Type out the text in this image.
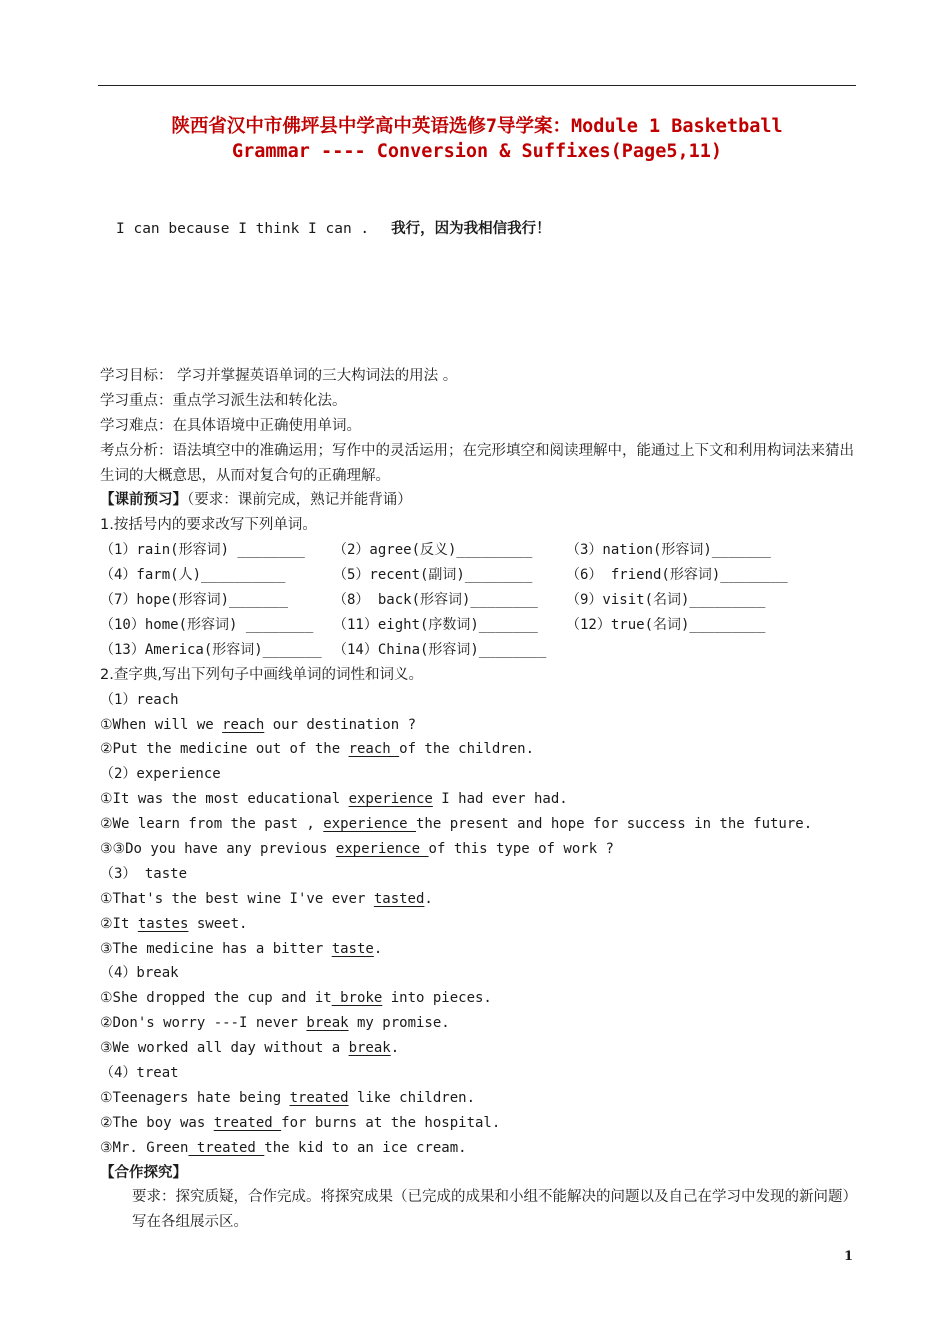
陕西省汉中市佛坪县中学高中英语选修7导学案：Module 1 Basketball
Grammar ---- Conversion & Suffixes(Page5,11)
I can because I think I can . 我行，因为我相信我行！
学习目标： 学习并掌握英语单词的三大构词法的用法 。
学习重点：重点学习派生法和转化法。
学习难点：在具体语境中正确使用单词。
考点分析：语法填空中的准确运用；写作中的灵活运用；在完形填空和阅读理解中，能通过上下文和利用构词法来猜出生词的大概意思，从而对复合句的正确理解。
【课前预习】（要求：课前完成，熟记并能背诵）
1.按括号内的要求改写下列单词。
（1）rain(形容词) ________	（2）agree(反义)_________	（3）nation(形容词)_______
（4）farm(人)__________	（5）recent(副词)________	（6） friend(形容词)________
（7）hope(形容词)_______	（8） back(形容词)________	（9）visit(名词)_________
（10）home(形容词) ________	（11）eight(序数词)_______	（12）true(名词)_________
（13）America(形容词)_______ （14）China(形容词)________
2.查字典,写出下列句子中画线单词的词性和词义。
（1）reach
①When will we reach our destination ?
②Put the medicine out of the reach of the children.
（2）experience
①It was the most educational experience I had ever had.
②We learn from the past , experience the present and hope for success in the future.
③③Do you have any previous experience of this type of work ?
（3） taste
①That's the best wine I've ever tasted.
②It tastes sweet.
③The medicine has a bitter taste.
（4）break
①She dropped the cup and it broke into pieces.
②Don's worry ---I never break my promise.
③We worked all day without a break.
（4）treat
①Teenagers hate being treated like children.
②The boy was treated for burns at the hospital.
③Mr. Green treated the kid to an ice cream.
【合作探究】
要求：探究质疑，合作完成。将探究成果（已完成的成果和小组不能解决的问题以及自己在学习中发现的新问题）写在各组展示区。
1
